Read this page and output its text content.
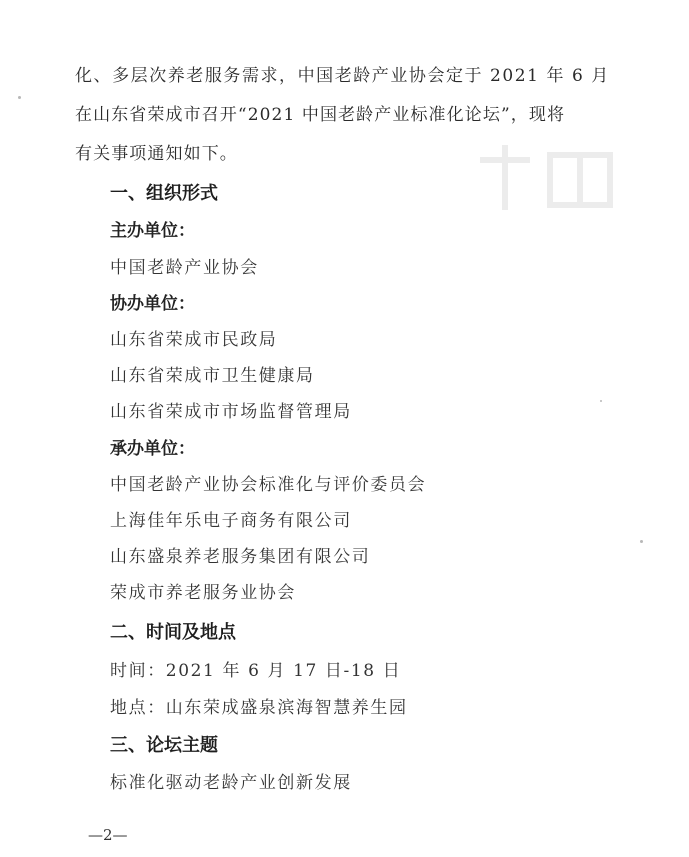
化、多层次养老服务需求，中国老龄产业协会定于 2021 年 6 月
在山东省荣成市召开“2021 中国老龄产业标准化论坛”，现将
有关事项通知如下。
一、组织形式
主办单位：
中国老龄产业协会
协办单位：
山东省荣成市民政局
山东省荣成市卫生健康局
山东省荣成市市场监督管理局
承办单位：
中国老龄产业协会标准化与评价委员会
上海佳年乐电子商务有限公司
山东盛泉养老服务集团有限公司
荣成市养老服务业协会
二、时间及地点
时间：2021 年 6 月 17 日-18 日
地点：山东荣成盛泉滨海智慧养生园
三、论坛主题
标准化驱动老龄产业创新发展
—2—
